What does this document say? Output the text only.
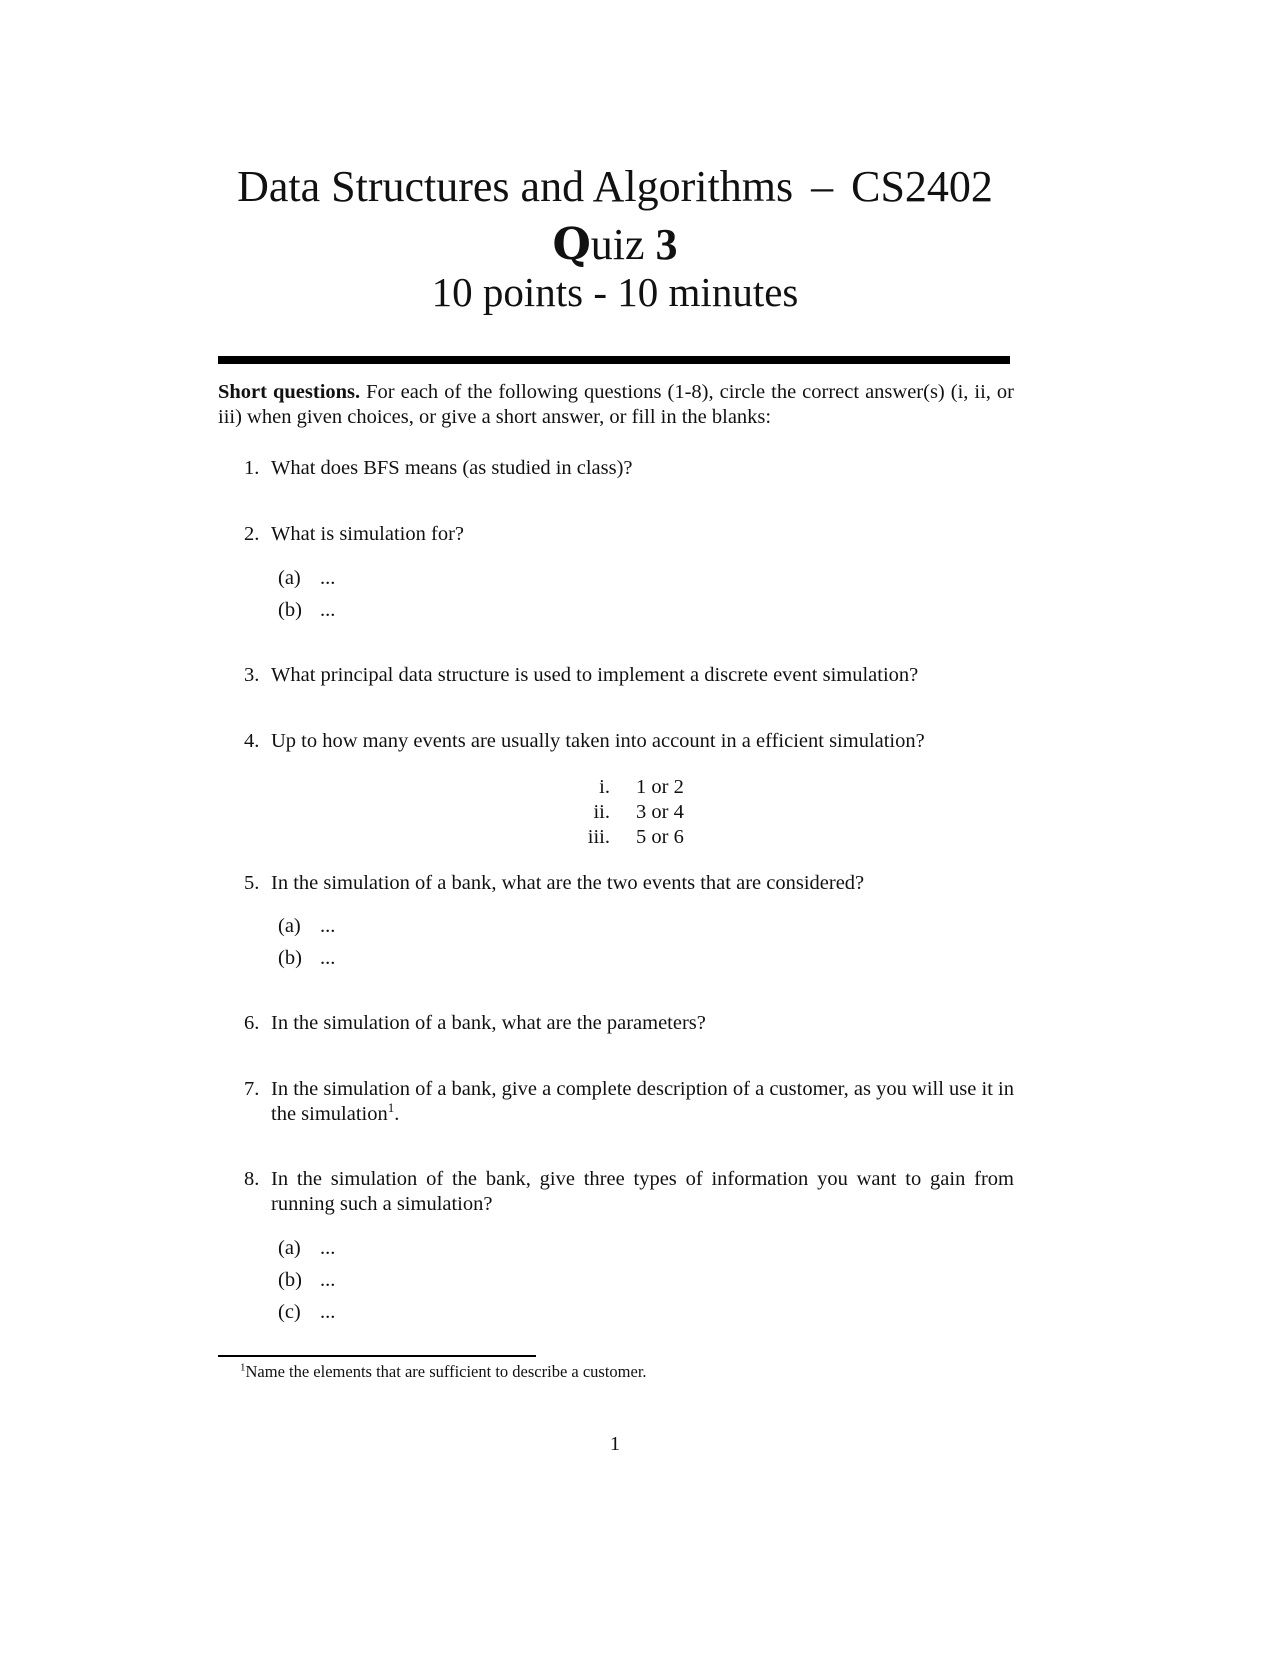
Data Structures and Algorithms – CS2402
Quiz 3
10 points - 10 minutes
Short questions. For each of the following questions (1-8), circle the correct answer(s) (i, ii, or iii) when given choices, or give a short answer, or fill in the blanks:
1. What does BFS means (as studied in class)?
2. What is simulation for?
(a) ...
(b) ...
3. What principal data structure is used to implement a discrete event simulation?
4. Up to how many events are usually taken into account in a efficient simulation?
i. 1 or 2
ii. 3 or 4
iii. 5 or 6
5. In the simulation of a bank, what are the two events that are considered?
(a) ...
(b) ...
6. In the simulation of a bank, what are the parameters?
7. In the simulation of a bank, give a complete description of a customer, as you will use it in the simulation$^1$.
8. In the simulation of the bank, give three types of information you want to gain from running such a simulation?
(a) ...
(b) ...
(c) ...
$^1$Name the elements that are sufficient to describe a customer.
1
